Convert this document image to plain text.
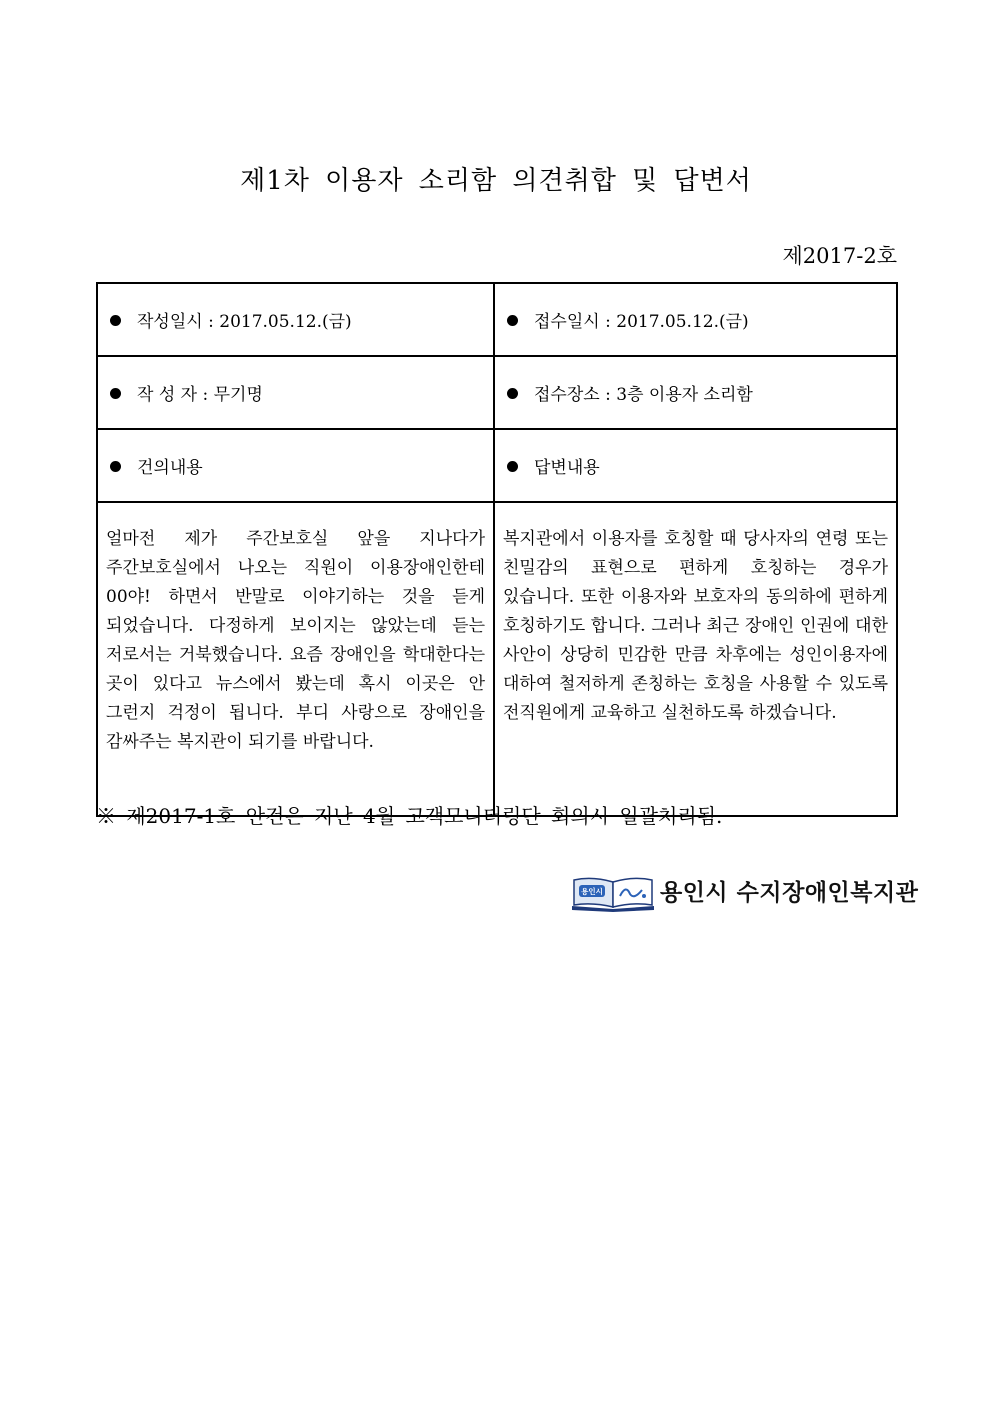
제1차 이용자 소리함 의견취합 및 답변서
제2017-2호
작성일시 : 2017.05.12.(금)	접수일시 : 2017.05.12.(금)
작 성 자 : 무기명	접수장소 : 3층 이용자 소리함
건의내용	답변내용

얼마전 제가 주간보호실 앞을 지나다가 주간보호실에서 나오는 직원이 이용장애인한테 00야! 하면서 반말로 이야기하는 것을 듣게 되었습니다. 다정하게 보이지는 않았는데 듣는 저로서는 거북했습니다. 요즘 장애인을 학대한다는 곳이 있다고 뉴스에서 봤는데 혹시 이곳은 안 그런지 걱정이 됩니다. 부디 사랑으로 장애인을 감싸주는 복지관이 되기를 바랍니다.	복지관에서 이용자를 호칭할 때 당사자의 연령 또는 친밀감의 표현으로 편하게 호칭하는 경우가 있습니다. 또한 이용자와 보호자의 동의하에 편하게 호칭하기도 합니다. 그러나 최근 장애인 인권에 대한 사안이 상당히 민감한 만큼 차후에는 성인이용자에 대하여 철저하게 존칭하는 호칭을 사용할 수 있도록 전직원에게 교육하고 실천하도록 하겠습니다.
※ 제2017-1호 안건은 지난 4월 고객모니터링단 회의시 일괄처리됨.
용인시 용인시 수지장애인복지관
